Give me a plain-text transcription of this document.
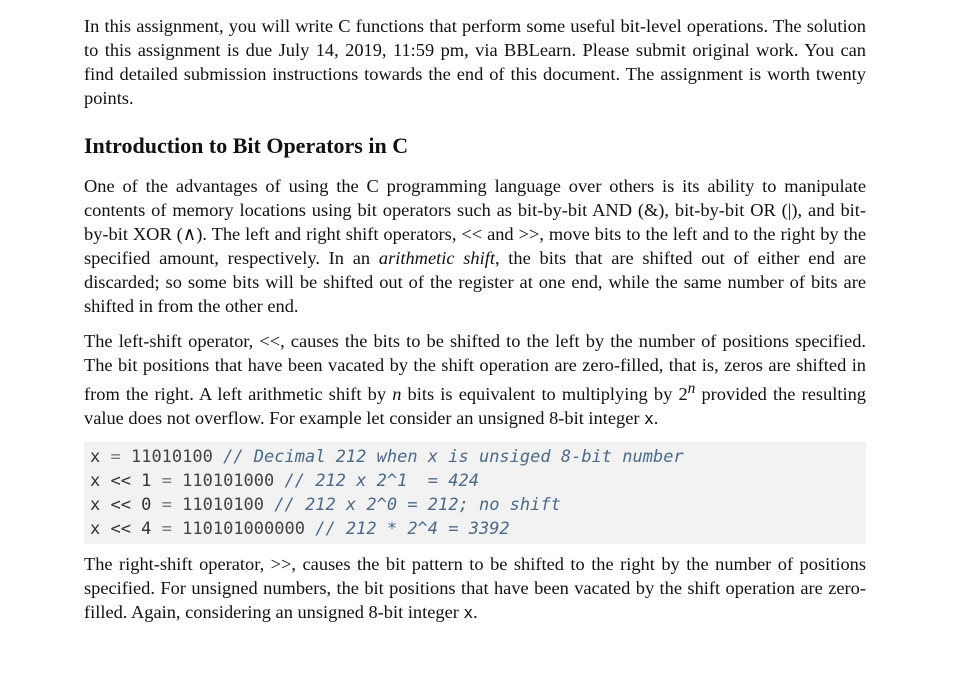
In this assignment, you will write C functions that perform some useful bit-level operations. The solution to this assignment is due July 14, 2019, 11:59 pm, via BBLearn. Please submit original work. You can find detailed submission instructions towards the end of this document. The assignment is worth twenty points.

Introduction to Bit Operators in C

One of the advantages of using the C programming language over others is its ability to manipulate contents of memory locations using bit operators such as bit-by-bit AND (&), bit-by-bit OR (|), and bit-by-bit XOR (∧). The left and right shift operators, << and >>, move bits to the left and to the right by the specified amount, respectively. In an arithmetic shift, the bits that are shifted out of either end are discarded; so some bits will be shifted out of the register at one end, while the same number of bits are shifted in from the other end.

The left-shift operator, <<, causes the bits to be shifted to the left by the number of positions specified. The bit positions that have been vacated by the shift operation are zero-filled, that is, zeros are shifted in from the right. A left arithmetic shift by n bits is equivalent to multiplying by 2$^n$ provided the resulting value does not overflow. For example let consider an unsigned 8-bit integer x.

x = 11010100 // Decimal 212 when x is unsiged 8-bit number
x << 1 = 110101000 // 212 x 2^1  = 424
x << 0 = 11010100 // 212 x 2^0 = 212; no shift
x << 4 = 110101000000 // 212 * 2^4 = 3392

The right-shift operator, >>, causes the bit pattern to be shifted to the right by the number of positions specified. For unsigned numbers, the bit positions that have been vacated by the shift operation are zero-filled. Again, considering an unsigned 8-bit integer x.
